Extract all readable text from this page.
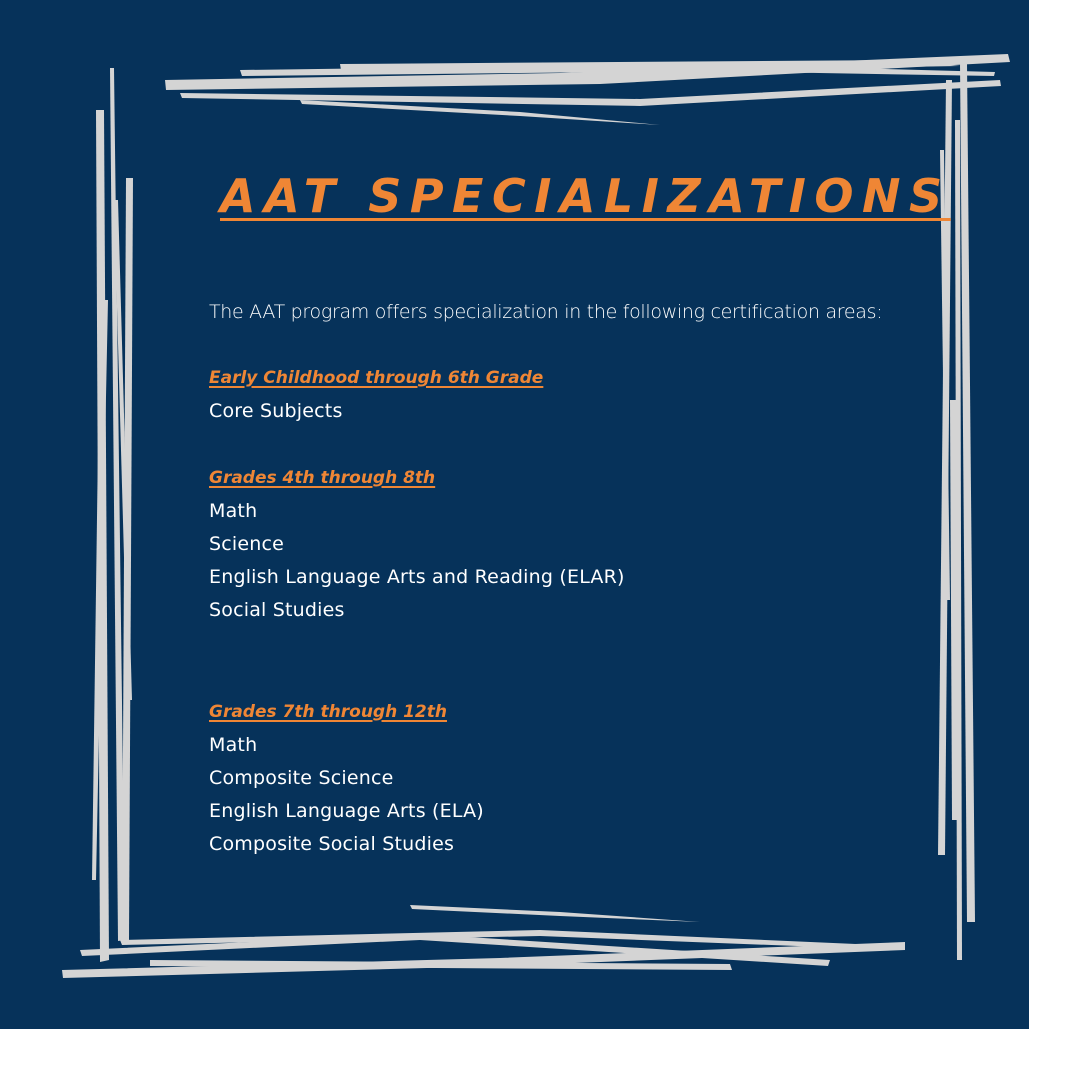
AAT SPECIALIZATIONS

The AAT program offers specialization in the following certification areas:

Early Childhood through 6th Grade
Core Subjects
Grades 4th through 8th
Math
Science
English Language Arts and Reading (ELAR)
Social Studies
Grades 7th through 12th
Math
Composite Science
English Language Arts (ELA)
Composite Social Studies
